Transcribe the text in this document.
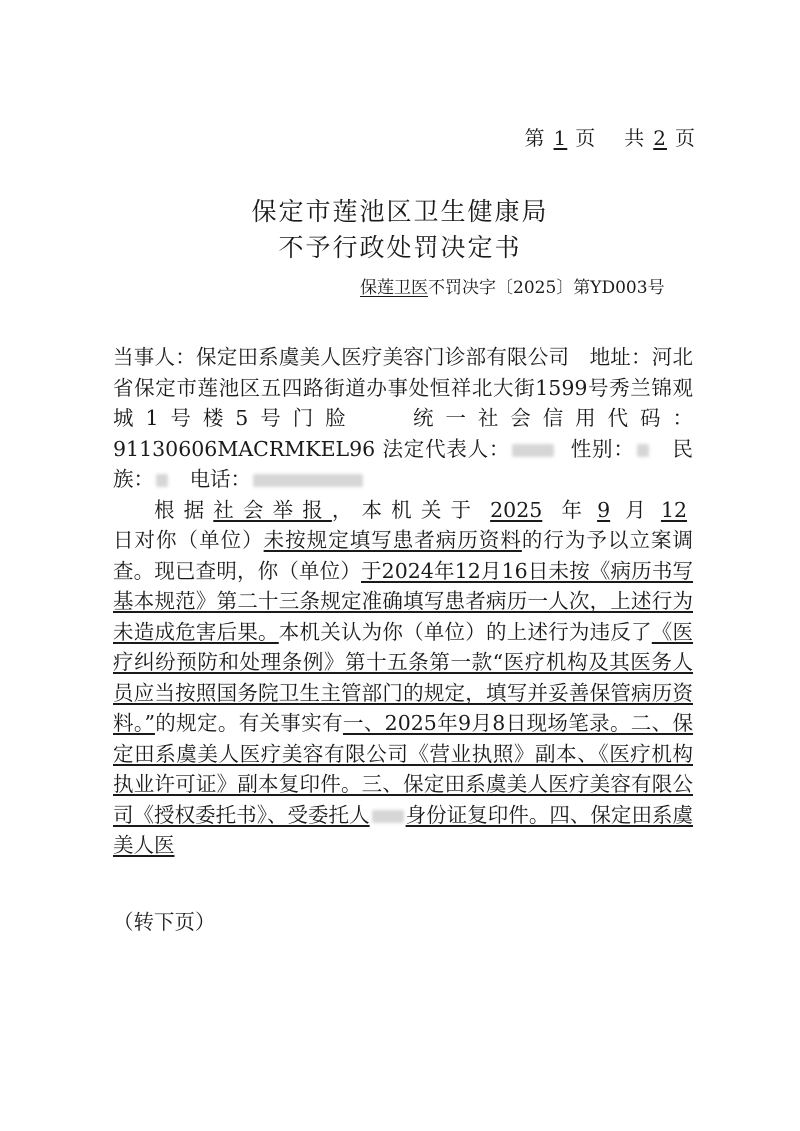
第 1 页 共 2 页
保定市莲池区卫生健康局
不予行政处罚决定书
保莲卫医不罚决字〔2025〕第YD003号

当事人：保定田系虞美人医疗美容门诊部有限公司 地址：河北省保定市莲池区五四路街道办事处恒祥北大街1599号秀兰锦观城1号楼5号门脸	统一社会信用代码：91130606MACRMKEL96 法定代表人：	性别： 民族： 电话：

根据社会举报，本机关于 2025 年 9 月 12日对你（单位）未按规定填写患者病历资料的行为予以立案调查。现已查明，你（单位）于2024年12月16日未按《病历书写基本规范》第二十三条规定准确填写患者病历一人次，上述行为未造成危害后果。本机关认为你（单位）的上述行为违反了《医疗纠纷预防和处理条例》第十五条第一款“医疗机构及其医务人员应当按照国务院卫生主管部门的规定，填写并妥善保管病历资料。”的规定。有关事实有一、2025年9月8日现场笔录。二、保定田系虞美人医疗美容有限公司《营业执照》副本、《医疗机构执业许可证》副本复印件。三、保定田系虞美人医疗美容有限公司《授权委托书》、受委托人 身份证复印件。四、保定田系虞美人医

（转下页）
